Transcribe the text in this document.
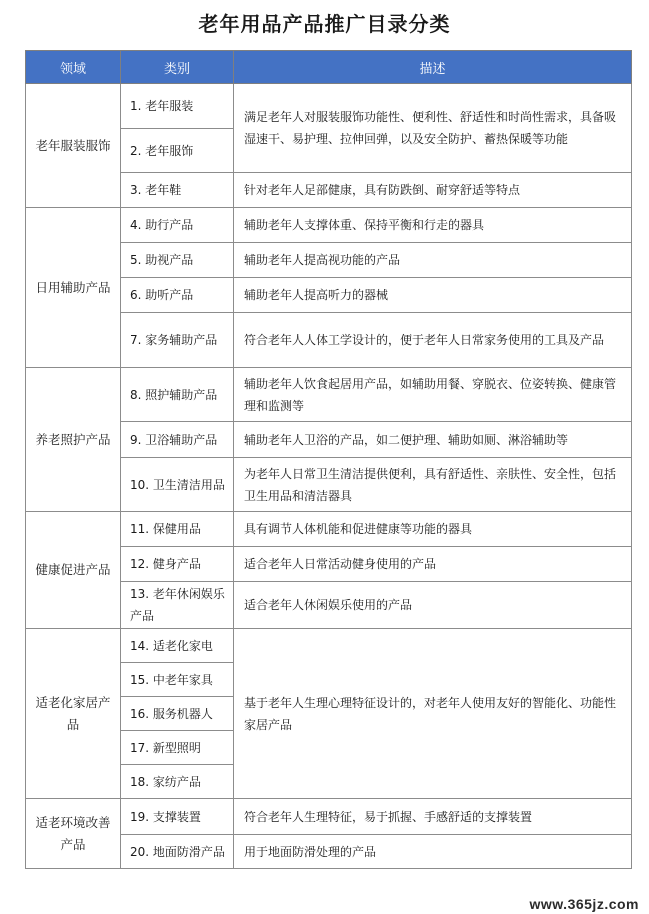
老年用品产品推广目录分类
领域	类别	描述
老年服装服饰	1. 老年服装	满足老年人对服装服饰功能性、便利性、舒适性和时尚性需求，具备吸湿速干、易护理、拉伸回弹，以及安全防护、蓄热保暖等功能
	2. 老年服饰	
	3. 老年鞋	针对老年人足部健康，具有防跌倒、耐穿舒适等特点
日用辅助产品	4. 助行产品	辅助老年人支撑体重、保持平衡和行走的器具
	5. 助视产品	辅助老年人提高视功能的产品
	6. 助听产品	辅助老年人提高听力的器械
	7. 家务辅助产品	符合老年人人体工学设计的，便于老年人日常家务使用的工具及产品
养老照护产品	8. 照护辅助产品	辅助老年人饮食起居用产品，如辅助用餐、穿脱衣、位姿转换、健康管理和监测等
	9. 卫浴辅助产品	辅助老年人卫浴的产品，如二便护理、辅助如厕、淋浴辅助等
	10. 卫生清洁用品	为老年人日常卫生清洁提供便利，具有舒适性、亲肤性、安全性，包括卫生用品和清洁器具
健康促进产品	11. 保健用品	具有调节人体机能和促进健康等功能的器具
	12. 健身产品	适合老年人日常活动健身使用的产品
	13. 老年休闲娱乐产品	适合老年人休闲娱乐使用的产品
适老化家居产品	14. 适老化家电	基于老年人生理心理特征设计的，对老年人使用友好的智能化、功能性家居产品
	15. 中老年家具	
	16. 服务机器人	
	17. 新型照明	
	18. 家纺产品	
适老环境改善产品	19. 支撑装置	符合老年人生理特征，易于抓握、手感舒适的支撑装置
	20. 地面防滑产品	用于地面防滑处理的产品
www.365jz.com
